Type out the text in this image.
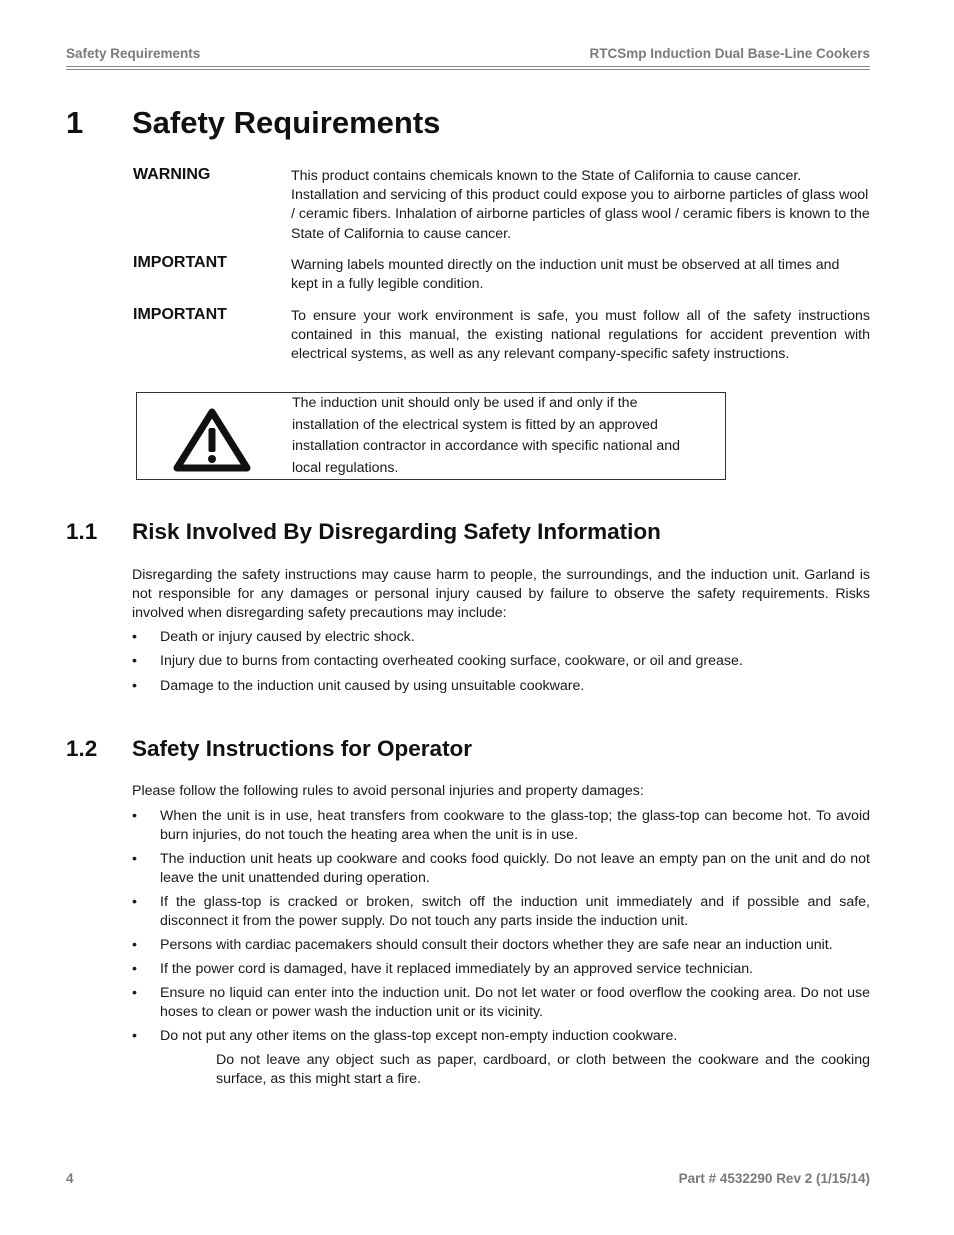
Safety Requirements	RTCSmp Induction Dual Base-Line Cookers
1 Safety Requirements
WARNING	This product contains chemicals known to the State of California to cause cancer. Installation and servicing of this product could expose you to airborne particles of glass wool / ceramic fibers. Inhalation of airborne particles of glass wool / ceramic fibers is known to the State of California to cause cancer.
IMPORTANT	Warning labels mounted directly on the induction unit must be observed at all times and kept in a fully legible condition.
IMPORTANT	To ensure your work environment is safe, you must follow all of the safety instructions contained in this manual, the existing national regulations for accident prevention with electrical systems, as well as any relevant company-specific safety instructions.
The induction unit should only be used if and only if the
installation of the electrical system is fitted by an approved
installation contractor in accordance with specific national and
local regulations.
1.1 Risk Involved By Disregarding Safety Information
Disregarding the safety instructions may cause harm to people, the surroundings, and the induction unit. Garland is not responsible for any damages or personal injury caused by failure to observe the safety requirements. Risks involved when disregarding safety precautions may include:
• Death or injury caused by electric shock.
• Injury due to burns from contacting overheated cooking surface, cookware, or oil and grease.
• Damage to the induction unit caused by using unsuitable cookware.
1.2 Safety Instructions for Operator
Please follow the following rules to avoid personal injuries and property damages:
• When the unit is in use, heat transfers from cookware to the glass-top; the glass-top can become hot. To avoid burn injuries, do not touch the heating area when the unit is in use.
• The induction unit heats up cookware and cooks food quickly. Do not leave an empty pan on the unit and do not leave the unit unattended during operation.
• If the glass-top is cracked or broken, switch off the induction unit immediately and if possible and safe, disconnect it from the power supply. Do not touch any parts inside the induction unit.
• Persons with cardiac pacemakers should consult their doctors whether they are safe near an induction unit.
• If the power cord is damaged, have it replaced immediately by an approved service technician.
• Ensure no liquid can enter into the induction unit. Do not let water or food overflow the cooking area. Do not use hoses to clean or power wash the induction unit or its vicinity.
• Do not put any other items on the glass-top except non-empty induction cookware.
Do not leave any object such as paper, cardboard, or cloth between the cookware and the cooking surface, as this might start a fire.
4	Part # 4532290 Rev 2 (1/15/14)
